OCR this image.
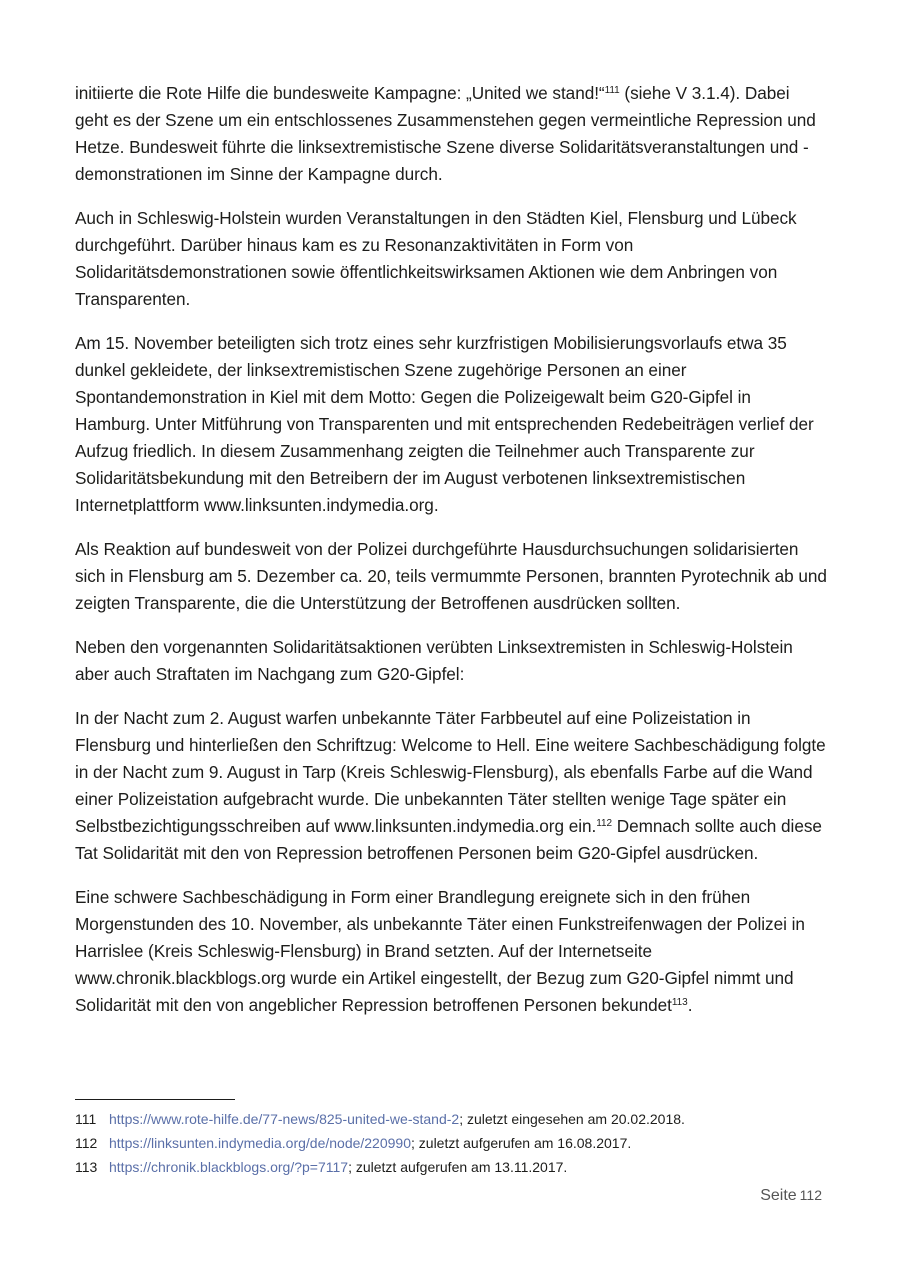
initiierte die Rote Hilfe die bundesweite Kampagne: „United we stand!“$^{111}$ (siehe V 3.1.4). Dabei geht es der Szene um ein entschlossenes Zusammenstehen gegen vermeintliche Repression und Hetze. Bundesweit führte die linksextremistische Szene diverse Solidaritätsveranstaltungen und -demonstrationen im Sinne der Kampagne durch.

Auch in Schleswig-Holstein wurden Veranstaltungen in den Städten Kiel, Flensburg und Lübeck durchgeführt. Darüber hinaus kam es zu Resonanzaktivitäten in Form von Solidaritätsdemonstrationen sowie öffentlichkeitswirksamen Aktionen wie dem Anbringen von Transparenten.

Am 15. November beteiligten sich trotz eines sehr kurzfristigen Mobilisierungsvorlaufs etwa 35 dunkel gekleidete, der linksextremistischen Szene zugehörige Personen an einer Spontandemonstration in Kiel mit dem Motto: Gegen die Polizeigewalt beim G20-Gipfel in Hamburg. Unter Mitführung von Transparenten und mit entsprechenden Redebeiträgen verlief der Aufzug friedlich. In diesem Zusammenhang zeigten die Teilnehmer auch Transparente zur Solidaritätsbekundung mit den Betreibern der im August verbotenen linksextremistischen Internetplattform www.linksunten.indymedia.org.

Als Reaktion auf bundesweit von der Polizei durchgeführte Hausdurchsuchungen solidarisierten sich in Flensburg am 5. Dezember ca. 20, teils vermummte Personen, brannten Pyrotechnik ab und zeigten Transparente, die die Unterstützung der Betroffenen ausdrücken sollten.

Neben den vorgenannten Solidaritätsaktionen verübten Linksextremisten in Schleswig-Holstein aber auch Straftaten im Nachgang zum G20-Gipfel:

In der Nacht zum 2. August warfen unbekannte Täter Farbbeutel auf eine Polizeistation in Flensburg und hinterließen den Schriftzug: Welcome to Hell. Eine weitere Sachbeschädigung folgte in der Nacht zum 9. August in Tarp (Kreis Schleswig-Flensburg), als ebenfalls Farbe auf die Wand einer Polizeistation aufgebracht wurde. Die unbekannten Täter stellten wenige Tage später ein Selbstbezichtigungsschreiben auf www.linksunten.indymedia.org ein.$^{112}$ Demnach sollte auch diese Tat Solidarität mit den von Repression betroffenen Personen beim G20-Gipfel ausdrücken.

Eine schwere Sachbeschädigung in Form einer Brandlegung ereignete sich in den frühen Morgenstunden des 10. November, als unbekannte Täter einen Funkstreifenwagen der Polizei in Harrislee (Kreis Schleswig-Flensburg) in Brand setzten. Auf der Internetseite www.chronik.blackblogs.org wurde ein Artikel eingestellt, der Bezug zum G20-Gipfel nimmt und Solidarität mit den von angeblicher Repression betroffenen Personen bekundet$^{113}$.

111 https://www.rote-hilfe.de/77-news/825-united-we-stand-2; zuletzt eingesehen am 20.02.2018.

112 https://linksunten.indymedia.org/de/node/220990; zuletzt aufgerufen am 16.08.2017.

113 https://chronik.blackblogs.org/?p=7117; zuletzt aufgerufen am 13.11.2017.

Seite 112
